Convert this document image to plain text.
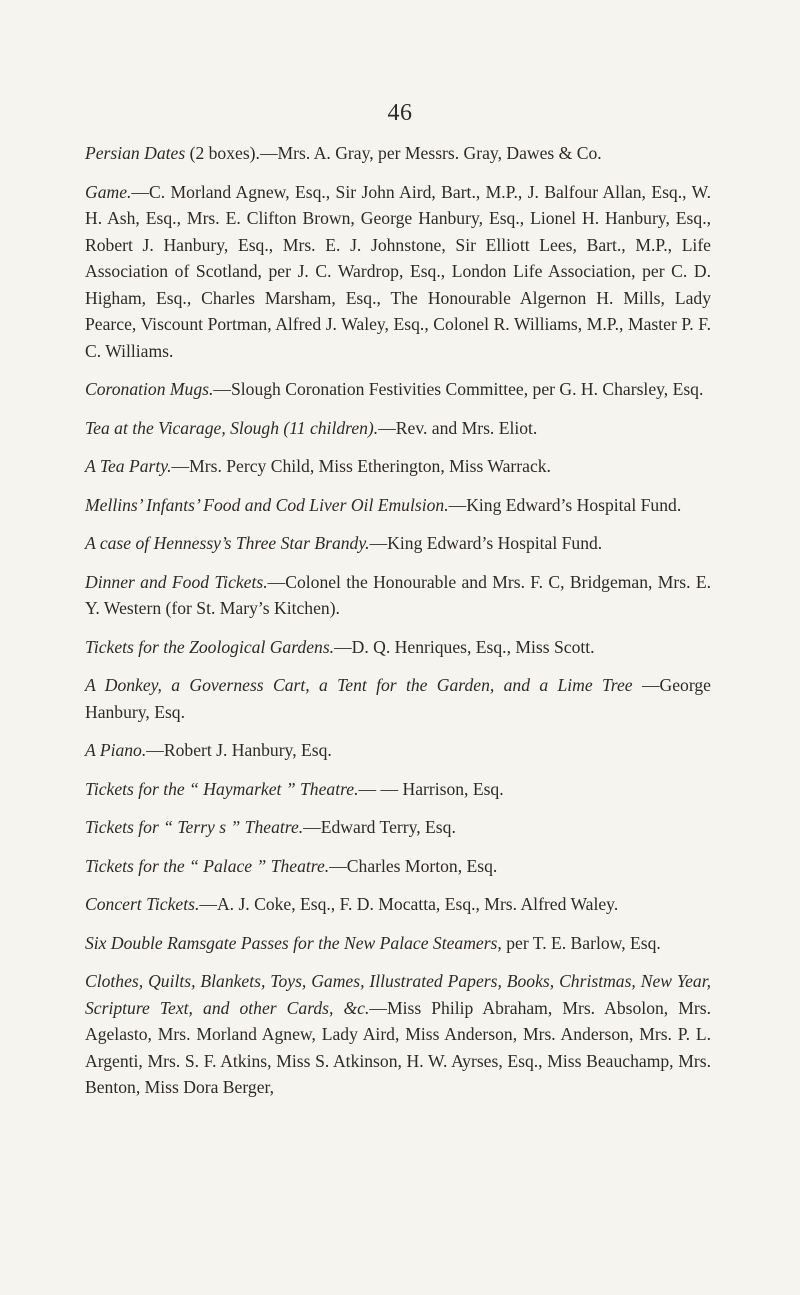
46

Persian Dates (2 boxes).—Mrs. A. Gray, per Messrs. Gray, Dawes & Co.

Game.—C. Morland Agnew, Esq., Sir John Aird, Bart., M.P., J. Balfour Allan, Esq., W. H. Ash, Esq., Mrs. E. Clifton Brown, George Hanbury, Esq., Lionel H. Hanbury, Esq., Robert J. Hanbury, Esq., Mrs. E. J. Johnstone, Sir Elliott Lees, Bart., M.P., Life Association of Scotland, per J. C. Wardrop, Esq., London Life Association, per C. D. Higham, Esq., Charles Marsham, Esq., The Honourable Algernon H. Mills, Lady Pearce, Viscount Portman, Alfred J. Waley, Esq., Colonel R. Williams, M.P., Master P. F. C. Williams.

Coronation Mugs.—Slough Coronation Festivities Committee, per G. H. Charsley, Esq.

Tea at the Vicarage, Slough (11 children).—Rev. and Mrs. Eliot.

A Tea Party.—Mrs. Percy Child, Miss Etherington, Miss Warrack.

Mellins’ Infants’ Food and Cod Liver Oil Emulsion.—King Edward’s Hospital Fund.

A case of Hennessy’s Three Star Brandy.—King Edward’s Hospital Fund.

Dinner and Food Tickets.—Colonel the Honourable and Mrs. F. C, Bridgeman, Mrs. E. Y. Western (for St. Mary’s Kitchen).

Tickets for the Zoological Gardens.—D. Q. Henriques, Esq., Miss Scott.

A Donkey, a Governess Cart, a Tent for the Garden, and a Lime Tree —George Hanbury, Esq.

A Piano.—Robert J. Hanbury, Esq.

Tickets for the “ Haymarket ” Theatre.— — Harrison, Esq.

Tickets for “ Terry s ” Theatre.—Edward Terry, Esq.

Tickets for the “ Palace ” Theatre.—Charles Morton, Esq.

Concert Tickets.—A. J. Coke, Esq., F. D. Mocatta, Esq., Mrs. Alfred Waley.

Six Double Ramsgate Passes for the New Palace Steamers, per T. E. Barlow, Esq.

Clothes, Quilts, Blankets, Toys, Games, Illustrated Papers, Books, Christmas, New Year, Scripture Text, and other Cards, &c.—Miss Philip Abraham, Mrs. Absolon, Mrs. Agelasto, Mrs. Morland Agnew, Lady Aird, Miss Anderson, Mrs. Anderson, Mrs. P. L. Argenti, Mrs. S. F. Atkins, Miss S. Atkinson, H. W. Ayrses, Esq., Miss Beauchamp, Mrs. Benton, Miss Dora Berger,
